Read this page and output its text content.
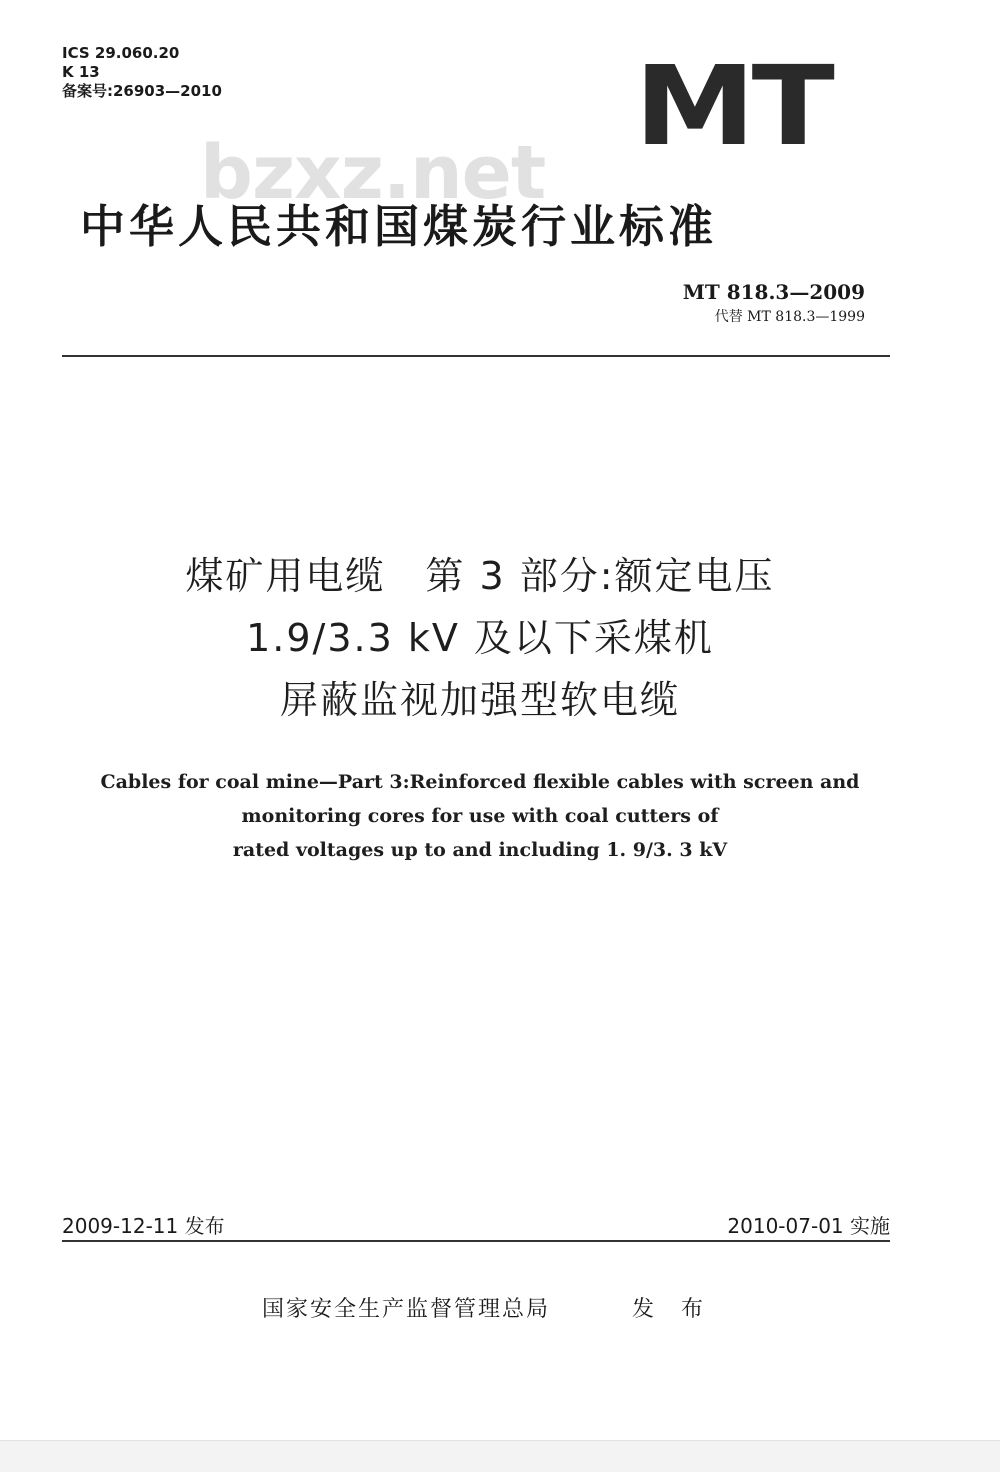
ICS 29.060.20
K 13
备案号:26903—2010	MT
bzxz.net
中华人民共和国煤炭行业标准
MT 818.3—2009
代替 MT 818.3—1999
煤矿用电缆　第 3 部分:额定电压
1.9/3.3 kV 及以下采煤机
屏蔽监视加强型软电缆
Cables for coal mine—Part 3:Reinforced flexible cables with screen and
monitoring cores for use with coal cutters of
rated voltages up to and including 1. 9/3. 3 kV
2009-12-11 发布	2010-07-01 实施
国家安全生产监督管理总局	发 布
